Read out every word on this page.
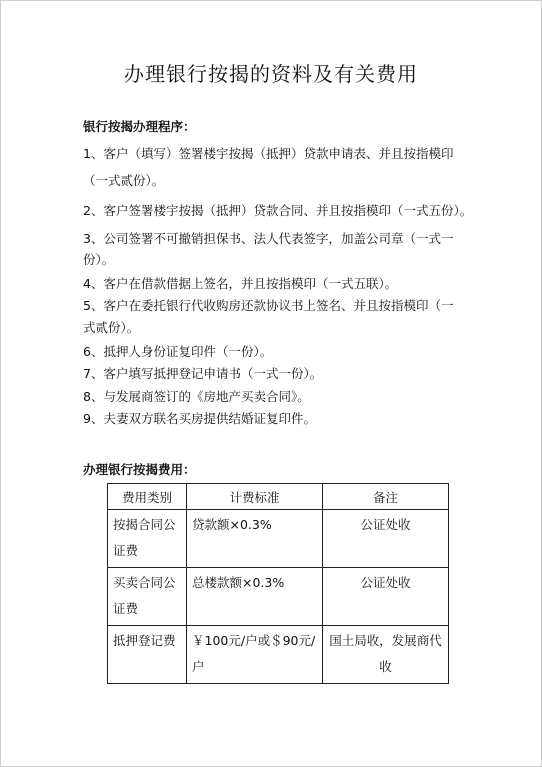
办理银行按揭的资料及有关费用
银行按揭办理程序：
1、客户（填写）签署楼宇按揭（抵押）贷款申请表、并且按指模印
（一式贰份）。
2、客户签署楼宇按揭（抵押）贷款合同、并且按指模印（一式五份）。
3、公司签署不可撤销担保书、法人代表签字，加盖公司章（一式一
份）。
4、客户在借款借据上签名，并且按指模印（一式五联）。
5、客户在委托银行代收购房还款协议书上签名、并且按指模印（一
式贰份）。
6、抵押人身份证复印件（一份）。
7、客户填写抵押登记申请书（一式一份）。
8、与发展商签订的《房地产买卖合同》。
9、夫妻双方联名买房提供结婚证复印件。
办理银行按揭费用：
费用类别	计费标准	备注
按揭合同公证费	贷款额×0.3%	公证处收
买卖合同公证费	总楼款额×0.3%	公证处收
抵押登记费	￥100元/户或＄90元/户	国土局收，发展商代收
